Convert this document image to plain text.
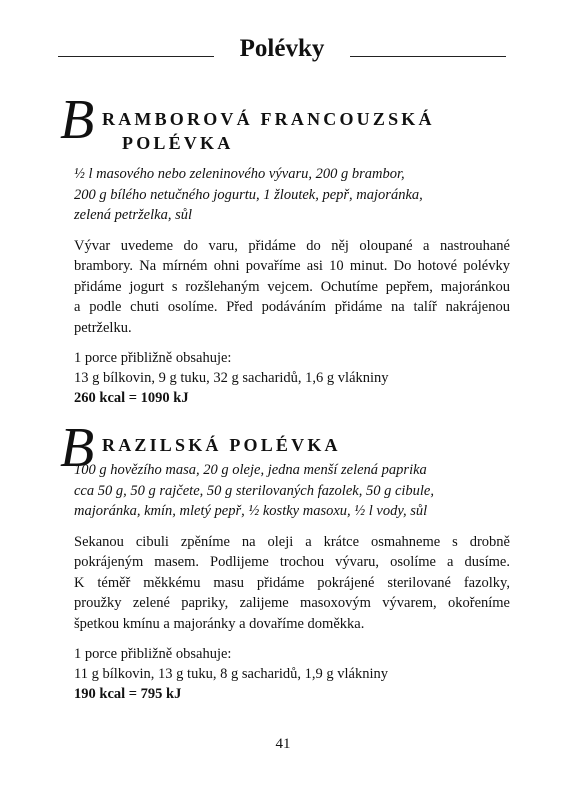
Polévky
B RAMBOROVÁ FRANCOUZSKÁ
POLÉVKA
½ l masového nebo zeleninového vývaru, 200 g brambor,
200 g bílého netučného jogurtu, 1 žloutek, pepř, majoránka,
zelená petrželka, sůl
Vývar uvedeme do varu, přidáme do něj oloupané a nastrouhané
brambory. Na mírném ohni povaříme asi 10 minut. Do hotové polévky
přidáme jogurt s rozšlehaným vejcem. Ochutíme pepřem, majoránkou
a podle chuti osolíme. Před podáváním přidáme na talíř nakrájenou
petrželku.
1 porce přibližně obsahuje:
13 g bílkovin, 9 g tuku, 32 g sacharidů, 1,6 g vlákniny
260 kcal = 1090 kJ
B RAZILSKÁ POLÉVKA
100 g hovězího masa, 20 g oleje, jedna menší zelená paprika
cca 50 g, 50 g rajčete, 50 g sterilovaných fazolek, 50 g cibule,
majoránka, kmín, mletý pepř, ½ kostky masoxu, ½ l vody, sůl
Sekanou cibuli zpěníme na oleji a krátce osmahneme s drobně
pokrájeným masem. Podlijeme trochou vývaru, osolíme a dusíme.
K téměř měkkému masu přidáme pokrájené sterilované fazolky,
proužky zelené papriky, zalijeme masoxovým vývarem, okořeníme
špetkou kmínu a majoránky a dovaříme doměkka.
1 porce přibližně obsahuje:
11 g bílkovin, 13 g tuku, 8 g sacharidů, 1,9 g vlákniny
190 kcal = 795 kJ
41
